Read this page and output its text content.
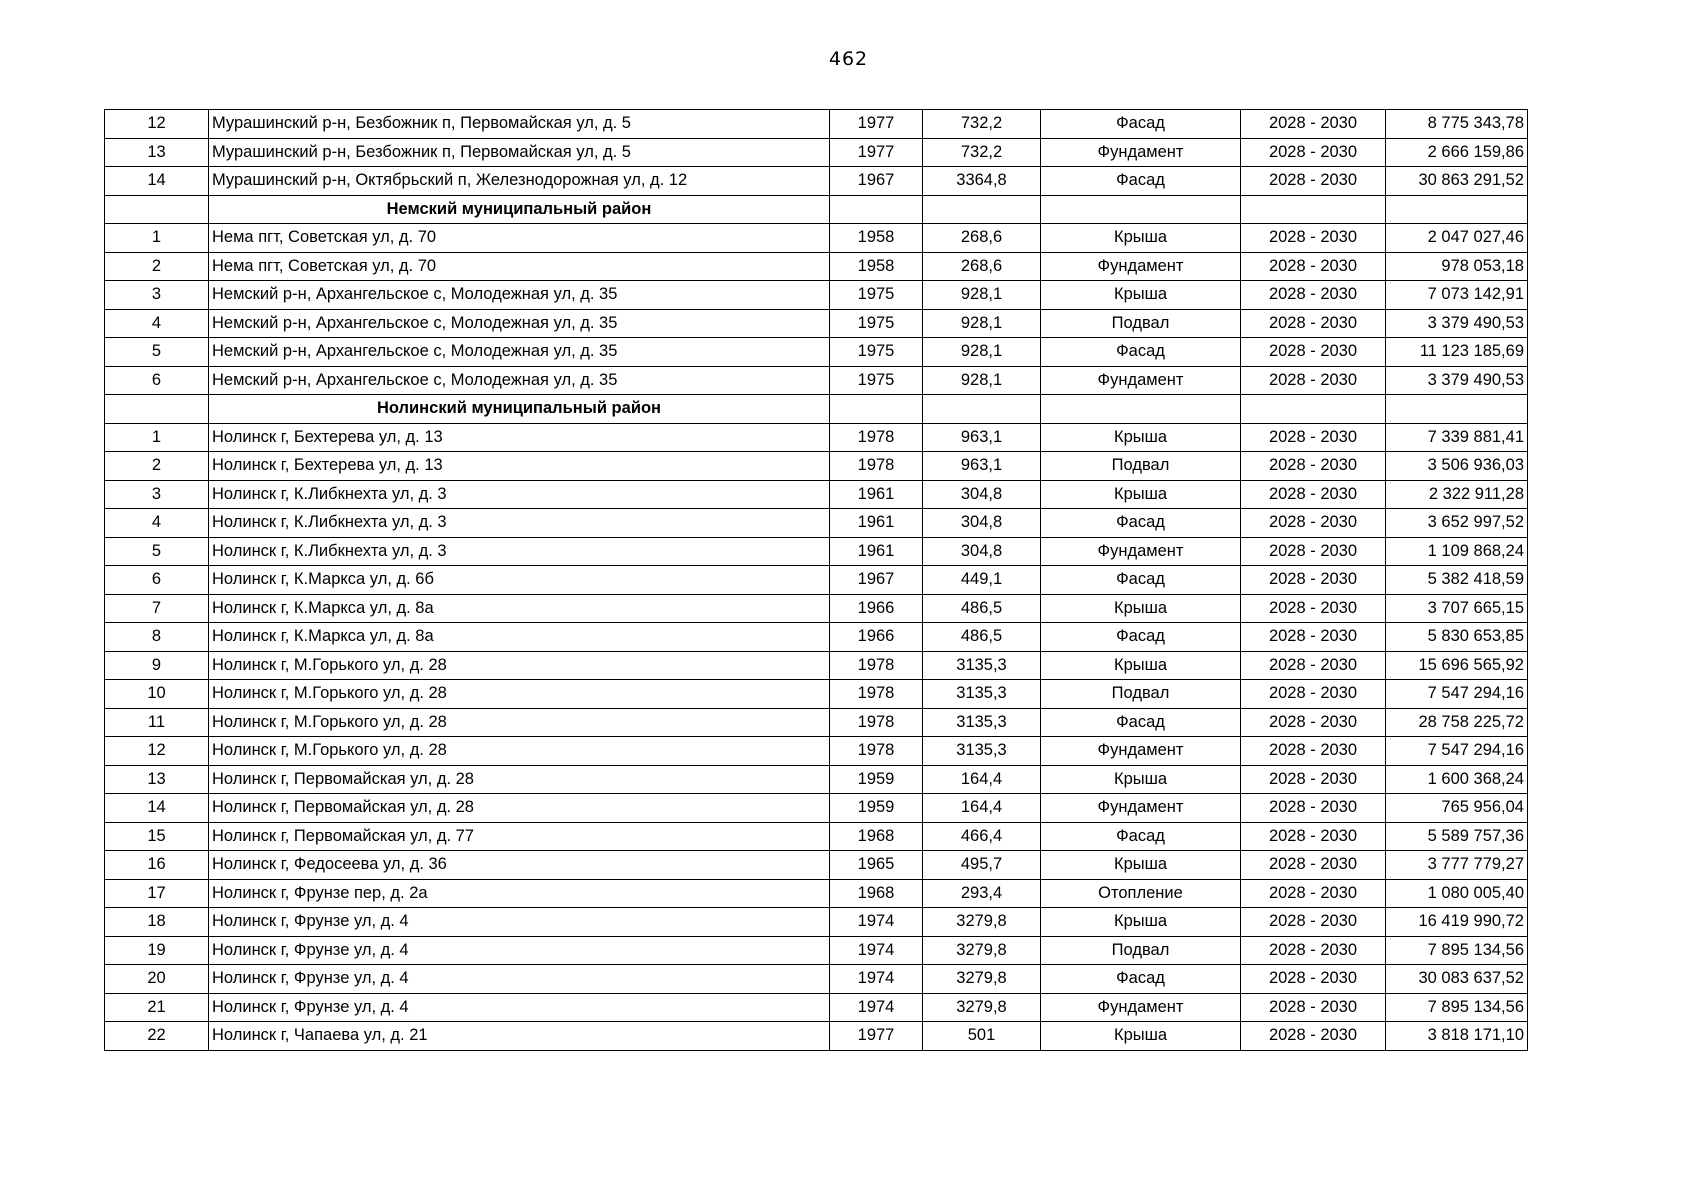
462
12	Мурашинский р-н, Безбожник п, Первомайская ул, д. 5	1977	732,2	Фасад	2028 - 2030	8 775 343,78
13	Мурашинский р-н, Безбожник п, Первомайская ул, д. 5	1977	732,2	Фундамент	2028 - 2030	2 666 159,86
14	Мурашинский р-н, Октябрьский п, Железнодорожная ул, д. 12	1967	3364,8	Фасад	2028 - 2030	30 863 291,52
	Немский муниципальный район					
1	Нема пгт, Советская ул, д. 70	1958	268,6	Крыша	2028 - 2030	2 047 027,46
2	Нема пгт, Советская ул, д. 70	1958	268,6	Фундамент	2028 - 2030	978 053,18
3	Немский р-н, Архангельское с, Молодежная ул, д. 35	1975	928,1	Крыша	2028 - 2030	7 073 142,91
4	Немский р-н, Архангельское с, Молодежная ул, д. 35	1975	928,1	Подвал	2028 - 2030	3 379 490,53
5	Немский р-н, Архангельское с, Молодежная ул, д. 35	1975	928,1	Фасад	2028 - 2030	11 123 185,69
6	Немский р-н, Архангельское с, Молодежная ул, д. 35	1975	928,1	Фундамент	2028 - 2030	3 379 490,53
	Нолинский муниципальный район					
1	Нолинск г, Бехтерева ул, д. 13	1978	963,1	Крыша	2028 - 2030	7 339 881,41
2	Нолинск г, Бехтерева ул, д. 13	1978	963,1	Подвал	2028 - 2030	3 506 936,03
3	Нолинск г, К.Либкнехта ул, д. 3	1961	304,8	Крыша	2028 - 2030	2 322 911,28
4	Нолинск г, К.Либкнехта ул, д. 3	1961	304,8	Фасад	2028 - 2030	3 652 997,52
5	Нолинск г, К.Либкнехта ул, д. 3	1961	304,8	Фундамент	2028 - 2030	1 109 868,24
6	Нолинск г, К.Маркса ул, д. 6б	1967	449,1	Фасад	2028 - 2030	5 382 418,59
7	Нолинск г, К.Маркса ул, д. 8а	1966	486,5	Крыша	2028 - 2030	3 707 665,15
8	Нолинск г, К.Маркса ул, д. 8а	1966	486,5	Фасад	2028 - 2030	5 830 653,85
9	Нолинск г, М.Горького ул, д. 28	1978	3135,3	Крыша	2028 - 2030	15 696 565,92
10	Нолинск г, М.Горького ул, д. 28	1978	3135,3	Подвал	2028 - 2030	7 547 294,16
11	Нолинск г, М.Горького ул, д. 28	1978	3135,3	Фасад	2028 - 2030	28 758 225,72
12	Нолинск г, М.Горького ул, д. 28	1978	3135,3	Фундамент	2028 - 2030	7 547 294,16
13	Нолинск г, Первомайская ул, д. 28	1959	164,4	Крыша	2028 - 2030	1 600 368,24
14	Нолинск г, Первомайская ул, д. 28	1959	164,4	Фундамент	2028 - 2030	765 956,04
15	Нолинск г, Первомайская ул, д. 77	1968	466,4	Фасад	2028 - 2030	5 589 757,36
16	Нолинск г, Федосеева ул, д. 36	1965	495,7	Крыша	2028 - 2030	3 777 779,27
17	Нолинск г, Фрунзе пер, д. 2а	1968	293,4	Отопление	2028 - 2030	1 080 005,40
18	Нолинск г, Фрунзе ул, д. 4	1974	3279,8	Крыша	2028 - 2030	16 419 990,72
19	Нолинск г, Фрунзе ул, д. 4	1974	3279,8	Подвал	2028 - 2030	7 895 134,56
20	Нолинск г, Фрунзе ул, д. 4	1974	3279,8	Фасад	2028 - 2030	30 083 637,52
21	Нолинск г, Фрунзе ул, д. 4	1974	3279,8	Фундамент	2028 - 2030	7 895 134,56
22	Нолинск г, Чапаева ул, д. 21	1977	501	Крыша	2028 - 2030	3 818 171,10
